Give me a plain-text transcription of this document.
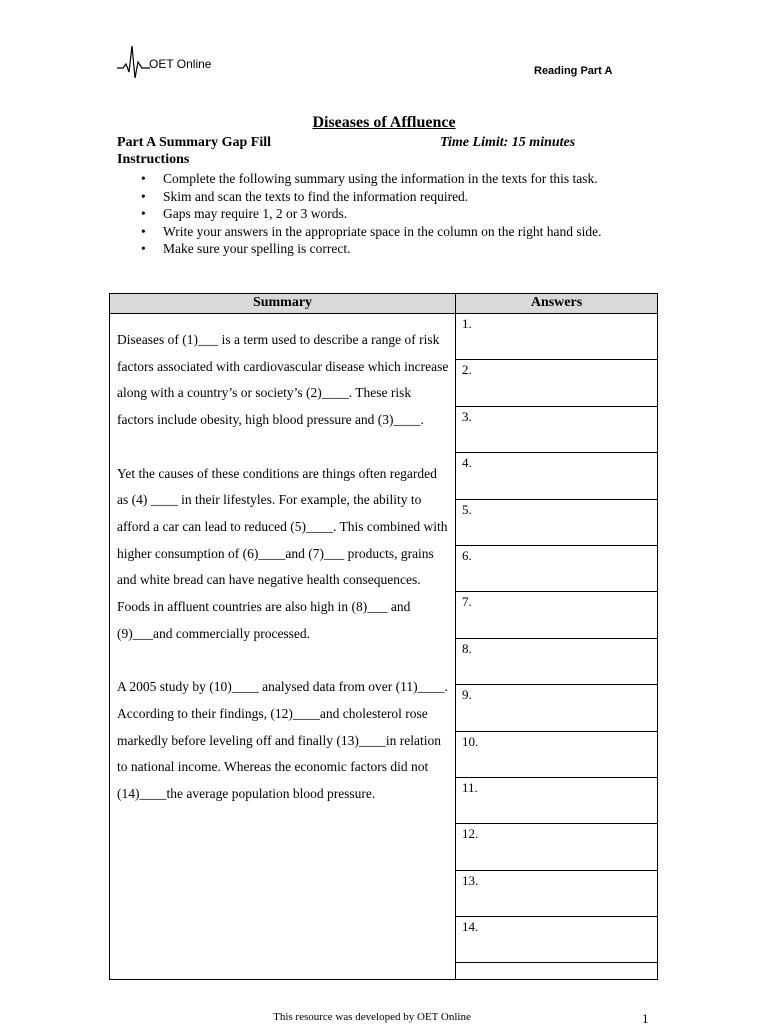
OET Online	Reading Part A
Diseases of Affluence
Part A Summary Gap Fill	Time Limit: 15 minutes
Instructions
• Complete the following summary using the information in the texts for this task.
• Skim and scan the texts to find the information required.
• Gaps may require 1, 2 or 3 words.
• Write your answers in the appropriate space in the column on the right hand side.
• Make sure your spelling is correct.
Summary	Answers

Diseases of (1)___ is a term used to describe a range of risk factors associated with cardiovascular disease which increase along with a country’s or society’s (2)____. These risk factors include obesity, high blood pressure and (3)____.

Yet the causes of these conditions are things often regarded as (4) ____ in their lifestyles. For example, the ability to afford a car can lead to reduced (5)____. This combined with higher consumption of (6)____and (7)___ products, grains and white bread can have negative health consequences. Foods in affluent countries are also high in (8)___ and (9)___and commercially processed.

A 2005 study by (10)____ analysed data from over (11)____. According to their findings, (12)____and cholesterol rose markedly before leveling off and finally (13)____in relation to national income. Whereas the economic factors did not (14)____the average population blood pressure.

1.
2.
3.
4.
5.
6.
7.
8.
9.
10.
11.
12.
13.
14.
This resource was developed by OET Online	1
